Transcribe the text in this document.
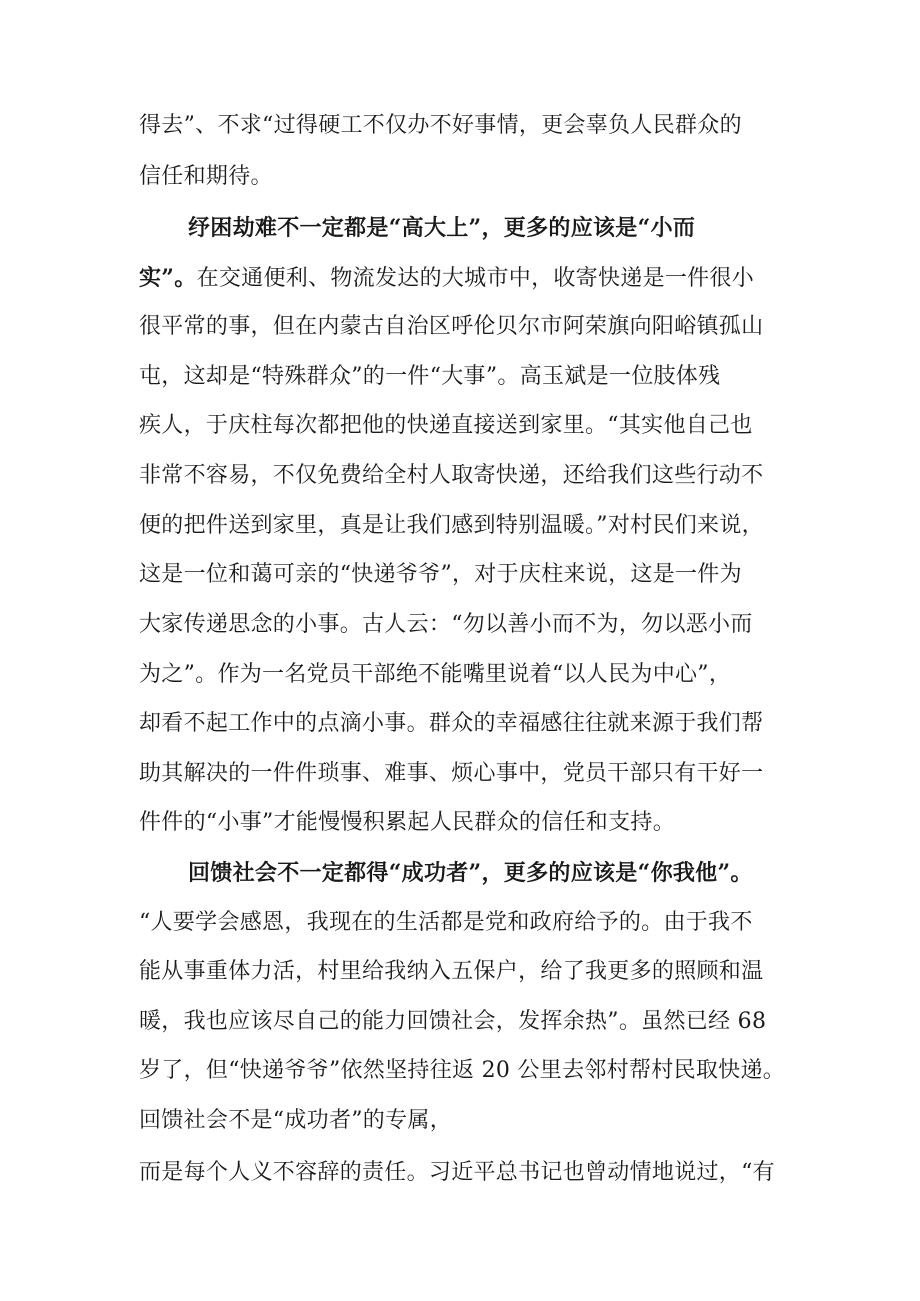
得去”、不求“过得硬工不仅办不好事情，更会辜负人民群众的
信任和期待。
纾困劫难不一定都是“高大上”，更多的应该是“小而
实”。在交通便利、物流发达的大城市中，收寄快递是一件很小
很平常的事，但在内蒙古自治区呼伦贝尔市阿荣旗向阳峪镇孤山
屯，这却是“特殊群众”的一件“大事”。高玉斌是一位肢体残
疾人，于庆柱每次都把他的快递直接送到家里。“其实他自己也
非常不容易，不仅免费给全村人取寄快递，还给我们这些行动不
便的把件送到家里，真是让我们感到特别温暖。”对村民们来说，
这是一位和蔼可亲的“快递爷爷”，对于庆柱来说，这是一件为
大家传递思念的小事。古人云：“勿以善小而不为，勿以恶小而
为之”。作为一名党员干部绝不能嘴里说着“以人民为中心”，
却看不起工作中的点滴小事。群众的幸福感往往就来源于我们帮
助其解决的一件件琐事、难事、烦心事中，党员干部只有干好一
件件的“小事”才能慢慢积累起人民群众的信任和支持。
回馈社会不一定都得“成功者”，更多的应该是“你我他”。
“人要学会感恩，我现在的生活都是党和政府给予的。由于我不
能从事重体力活，村里给我纳入五保户，给了我更多的照顾和温
暖，我也应该尽自己的能力回馈社会，发挥余热”。虽然已经 68
岁了，但“快递爷爷”依然坚持往返 20 公里去邻村帮村民取快递。
回馈社会不是“成功者”的专属，
而是每个人义不容辞的责任。习近平总书记也曾动情地说过，“有
